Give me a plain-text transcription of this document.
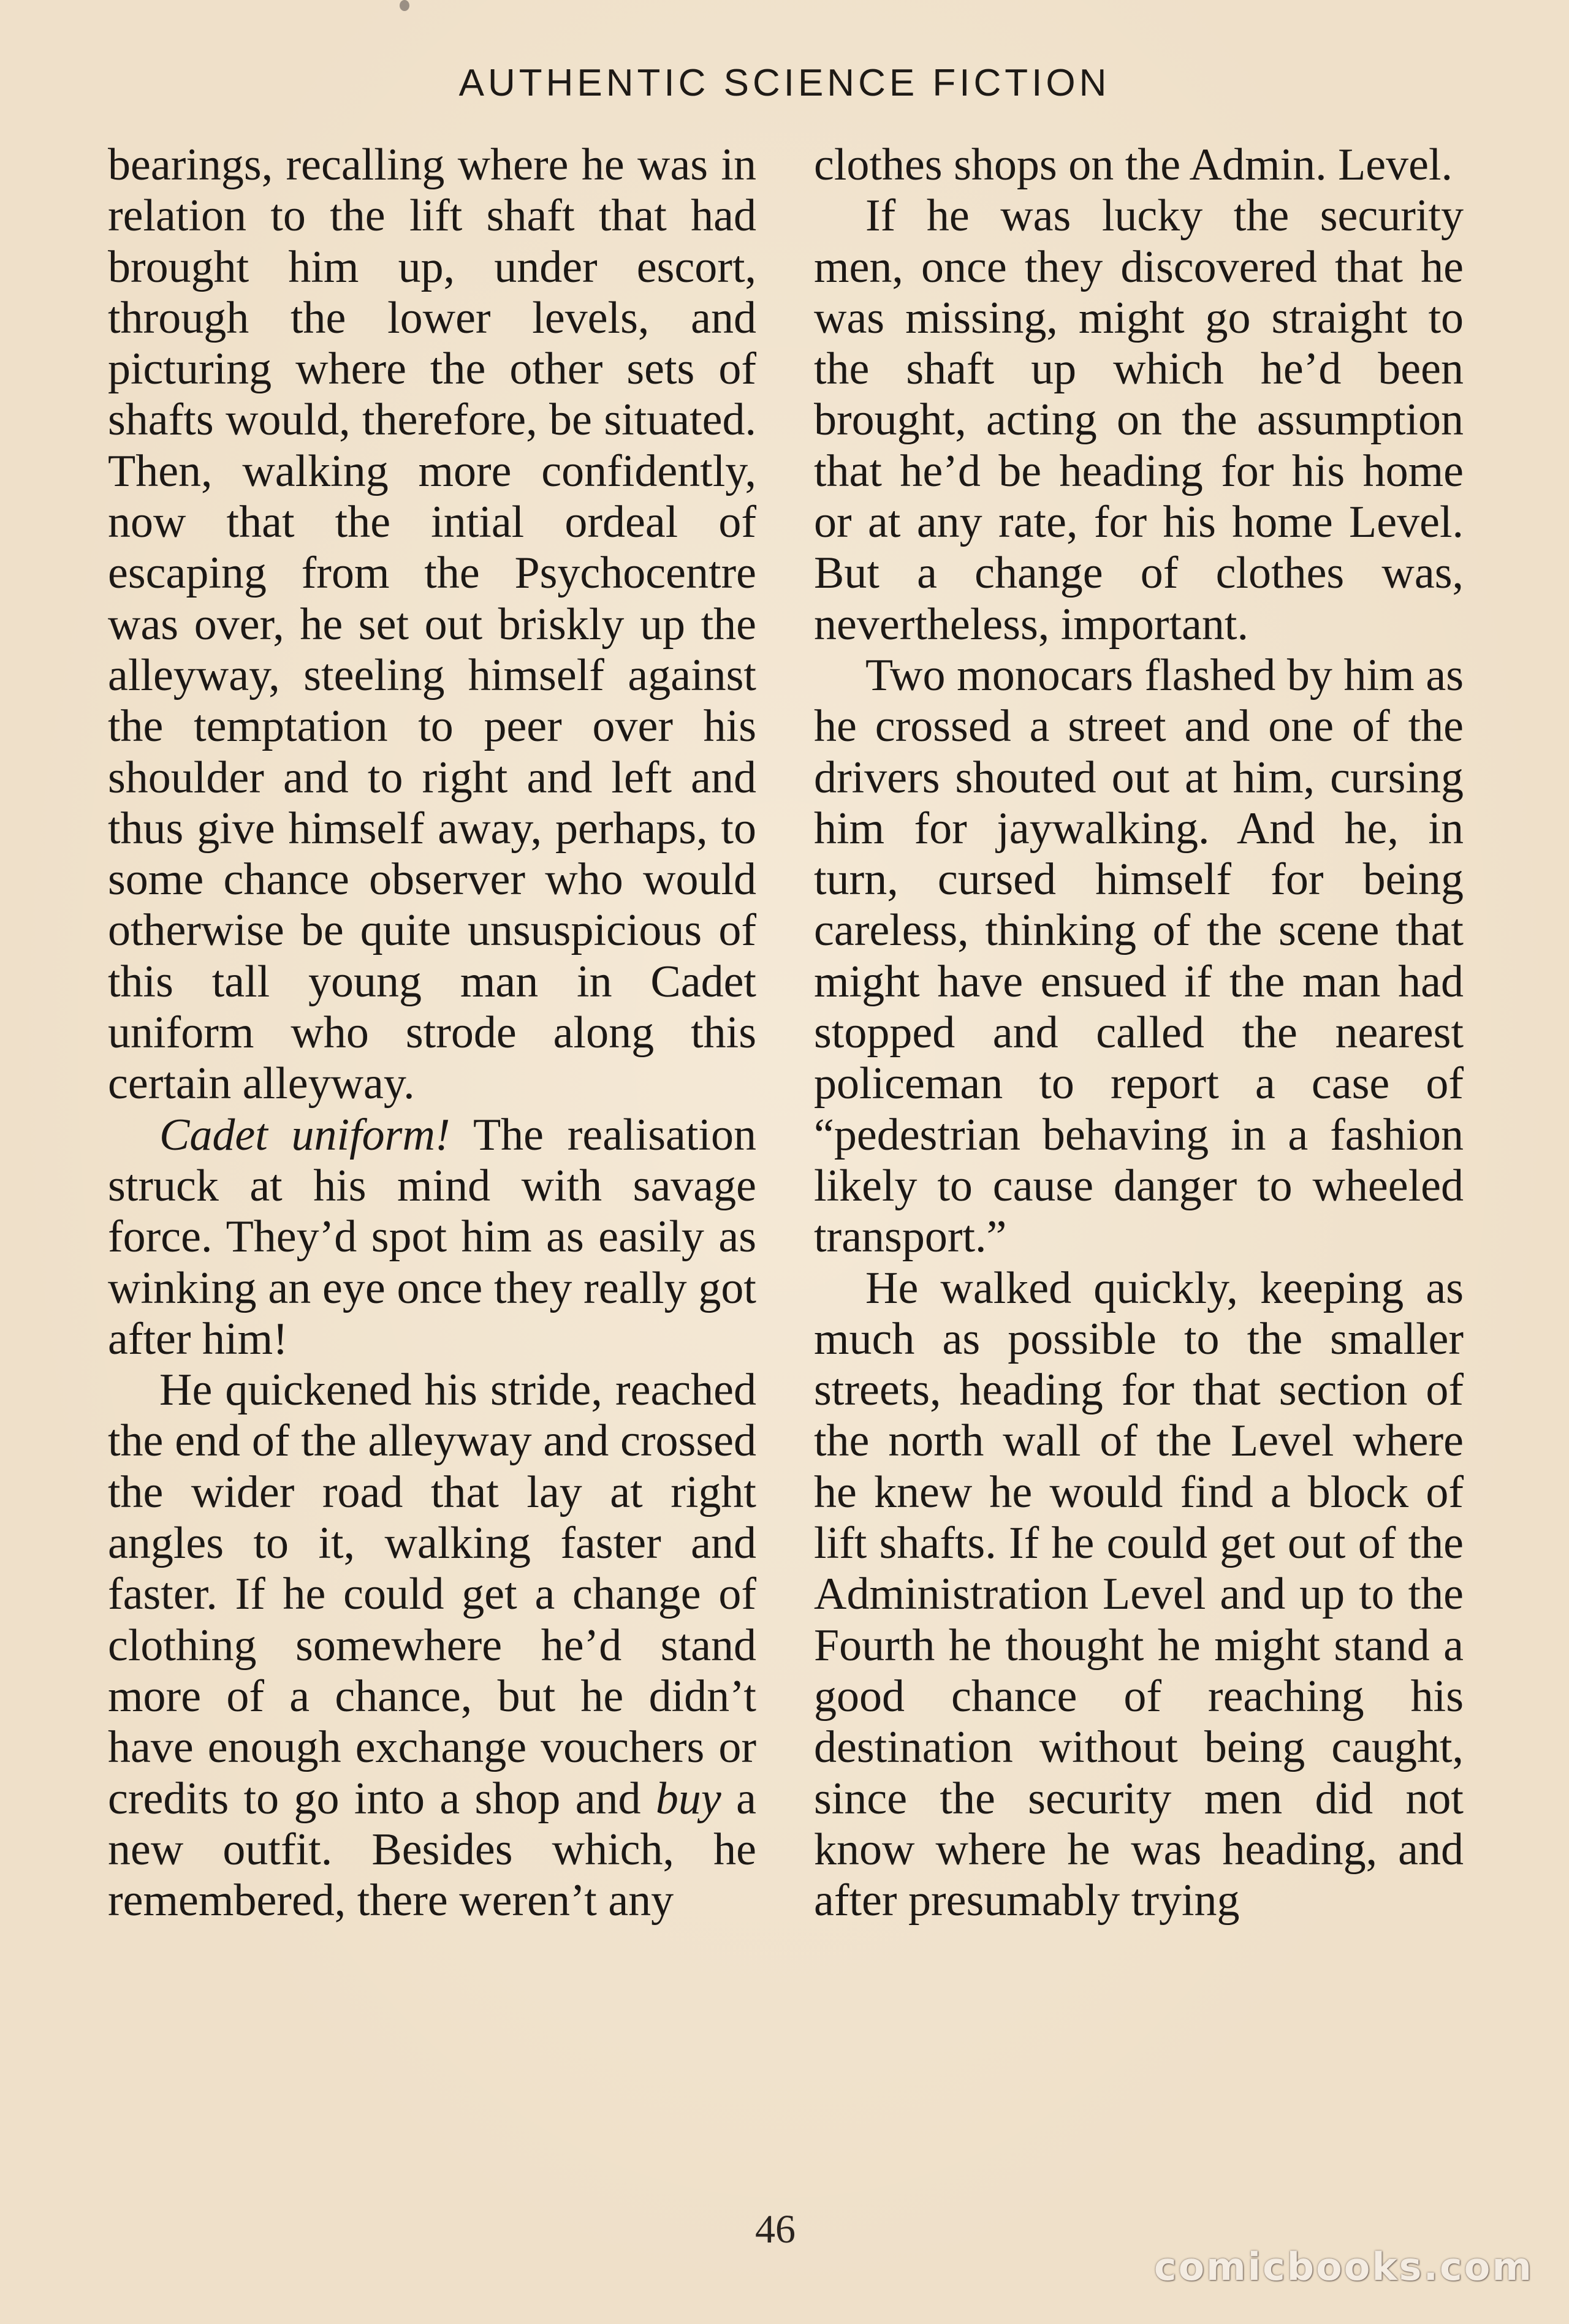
AUTHENTIC SCIENCE FICTION

bearings, recalling where he was in relation to the lift shaft that had brought him up, under escort, through the lower levels, and picturing where the other sets of shafts would, therefore, be situated. Then, walking more confidently, now that the intial ordeal of escaping from the Psychocentre was over, he set out briskly up the alleyway, steeling himself against the temptation to peer over his shoulder and to right and left and thus give himself away, perhaps, to some chance observer who would otherwise be quite unsuspicious of this tall young man in Cadet uniform who strode along this certain alleyway.

Cadet uniform! The realisation struck at his mind with savage force. They’d spot him as easily as winking an eye once they really got after him!

He quickened his stride, reached the end of the alleyway and crossed the wider road that lay at right angles to it, walking faster and faster. If he could get a change of clothing somewhere he’d stand more of a chance, but he didn’t have enough exchange vouchers or credits to go into a shop and buy a new outfit. Besides which, he remembered, there weren’t any

clothes shops on the Admin. Level.

If he was lucky the security men, once they discovered that he was missing, might go straight to the shaft up which he’d been brought, acting on the assumption that he’d be heading for his home or at any rate, for his home Level. But a change of clothes was, nevertheless, important.

Two monocars flashed by him as he crossed a street and one of the drivers shouted out at him, cursing him for jaywalking. And he, in turn, cursed himself for being careless, thinking of the scene that might have ensued if the man had stopped and called the nearest policeman to report a case of “pedestrian behaving in a fashion likely to cause danger to wheeled transport.”

He walked quickly, keeping as much as possible to the smaller streets, heading for that section of the north wall of the Level where he knew he would find a block of lift shafts. If he could get out of the Administration Level and up to the Fourth he thought he might stand a good chance of reaching his destination without being caught, since the security men did not know where he was heading, and after presumably trying

46
comicbooks.com
